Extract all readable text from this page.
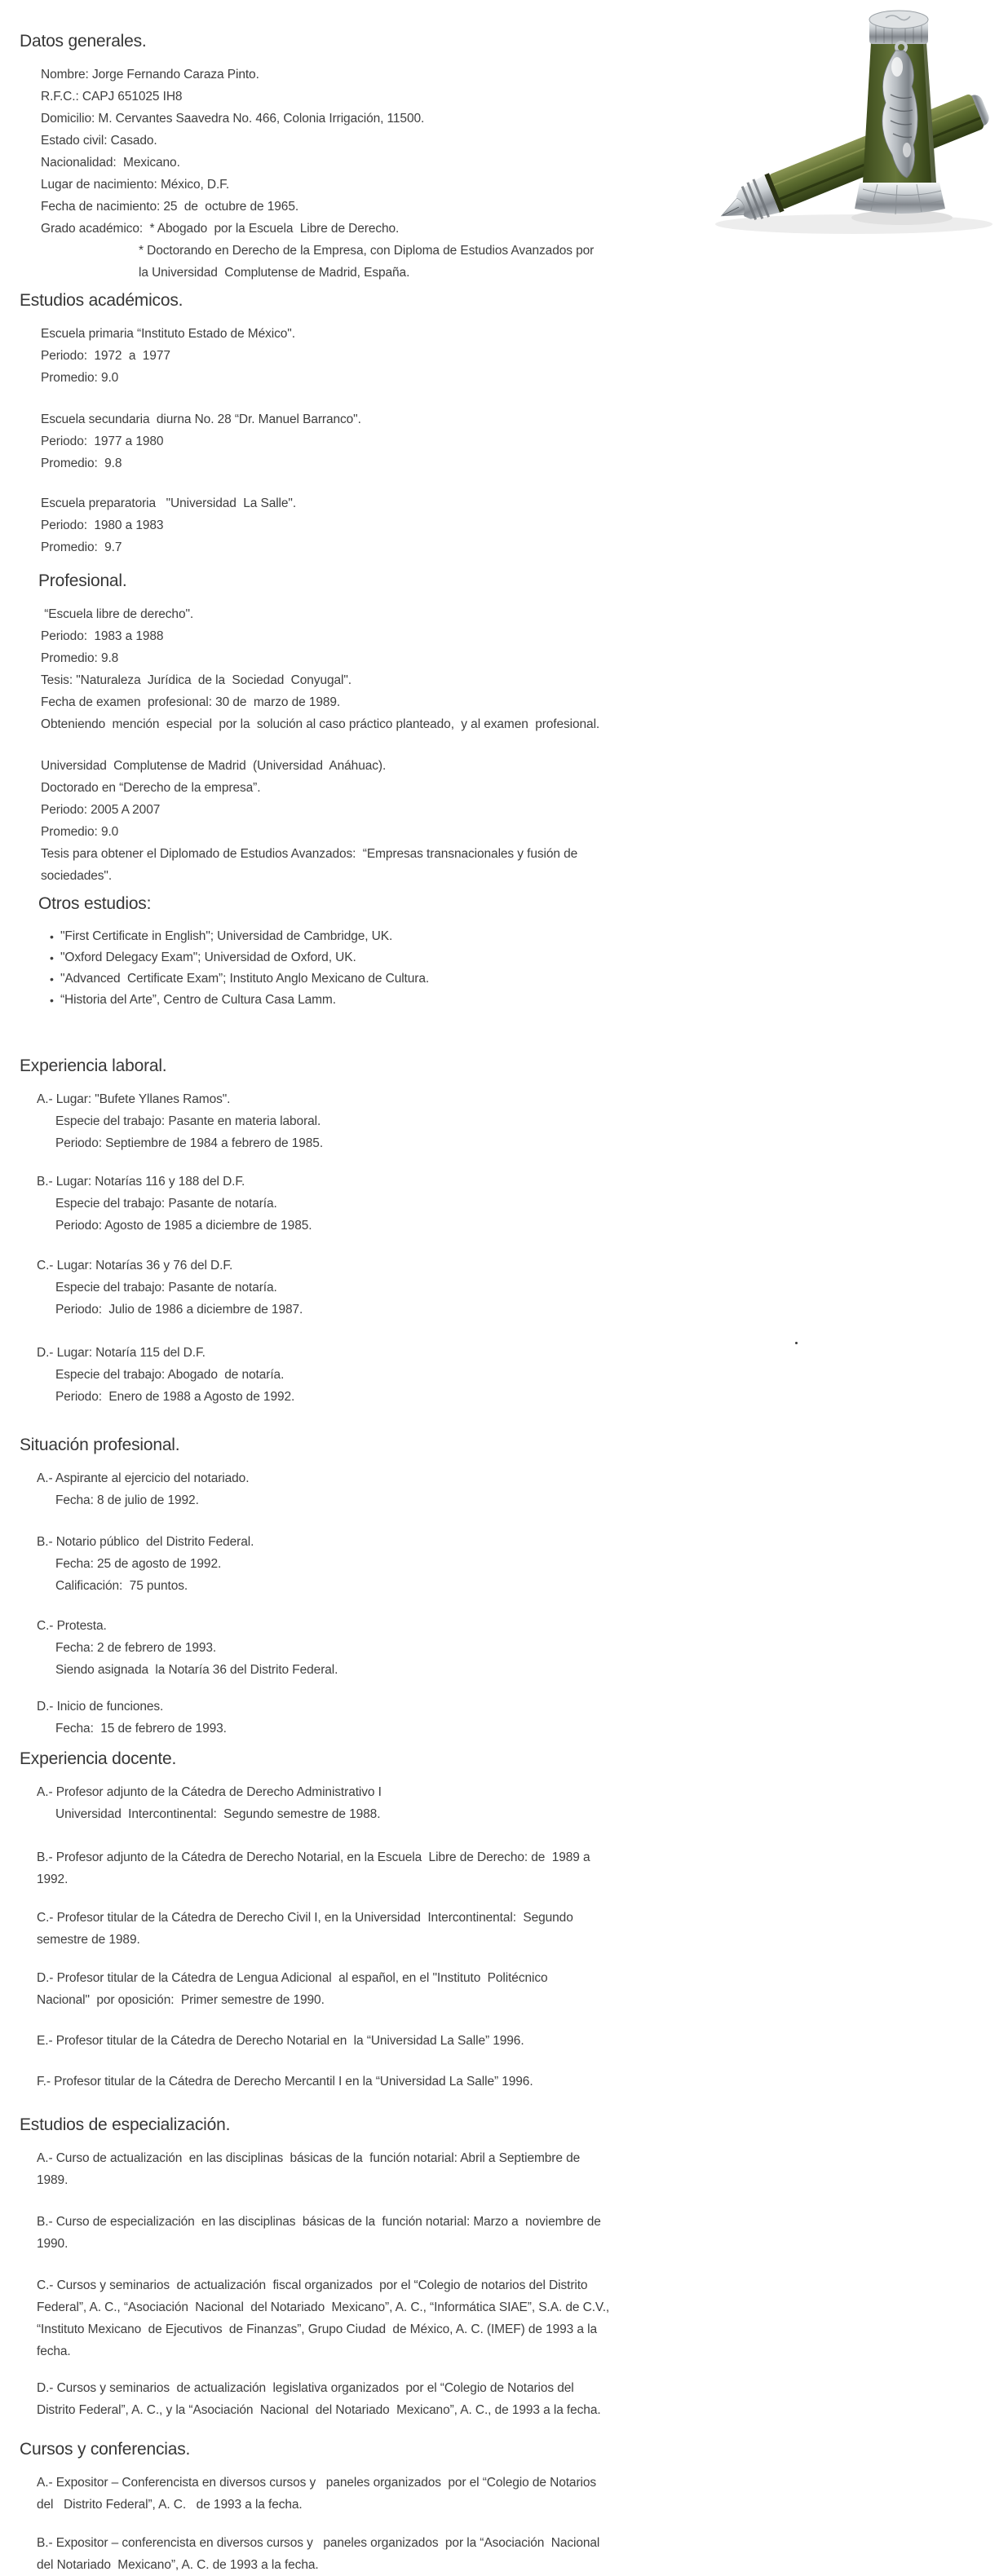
Datos generales.
Nombre: Jorge Fernando Caraza Pinto.
R.F.C.: CAPJ 651025 IH8
Domicilio: M. Cervantes Saavedra No. 466, Colonia Irrigación, 11500.
Estado civil: Casado.
Nacionalidad:  Mexicano.
Lugar de nacimiento: México, D.F.
Fecha de nacimiento: 25  de  octubre de 1965.
Grado académico:  * Abogado  por la Escuela  Libre de Derecho.
* Doctorando en Derecho de la Empresa, con Diploma de Estudios Avanzados por
la Universidad  Complutense de Madrid, España.
Estudios académicos.
Escuela primaria “Instituto Estado de México".
Periodo:  1972  a  1977
Promedio: 9.0
Escuela secundaria  diurna No. 28 “Dr. Manuel Barranco".
Periodo:  1977 a 1980
Promedio:  9.8
Escuela preparatoria   "Universidad  La Salle".
Periodo:  1980 a 1983
Promedio:  9.7
Profesional.
“Escuela libre de derecho".
Periodo:  1983 a 1988
Promedio: 9.8
Tesis: "Naturaleza  Jurídica  de la  Sociedad  Conyugal".
Fecha de examen  profesional: 30 de  marzo de 1989.
Obteniendo  mención  especial  por la  solución al caso práctico planteado,  y al examen  profesional.
Universidad  Complutense de Madrid  (Universidad  Anáhuac).
Doctorado en “Derecho de la empresa”.
Periodo: 2005 A 2007
Promedio: 9.0
Tesis para obtener el Diplomado de Estudios Avanzados:  “Empresas transnacionales y fusión de
sociedades".
Otros estudios:
• "First Certificate in English"; Universidad de Cambridge, UK.
• "Oxford Delegacy Exam"; Universidad de Oxford, UK.
• "Advanced  Certificate Exam”; Instituto Anglo Mexicano de Cultura.
• “Historia del Arte”, Centro de Cultura Casa Lamm.
Experiencia laboral.
A.- Lugar: "Bufete Yllanes Ramos".
Especie del trabajo: Pasante en materia laboral.
Periodo: Septiembre de 1984 a febrero de 1985.
B.- Lugar: Notarías 116 y 188 del D.F.
Especie del trabajo: Pasante de notaría.
Periodo: Agosto de 1985 a diciembre de 1985.
C.- Lugar: Notarías 36 y 76 del D.F.
Especie del trabajo: Pasante de notaría.
Periodo:  Julio de 1986 a diciembre de 1987.
D.- Lugar: Notaría 115 del D.F.
Especie del trabajo: Abogado  de notaría.
Periodo:  Enero de 1988 a Agosto de 1992.
Situación profesional.
A.- Aspirante al ejercicio del notariado.
Fecha: 8 de julio de 1992.
B.- Notario público  del Distrito Federal.
Fecha: 25 de agosto de 1992.
Calificación:  75 puntos.
C.- Protesta.
Fecha: 2 de febrero de 1993.
Siendo asignada  la Notaría 36 del Distrito Federal.
D.- Inicio de funciones.
Fecha:  15 de febrero de 1993.
Experiencia docente.
A.- Profesor adjunto de la Cátedra de Derecho Administrativo I
Universidad  Intercontinental:  Segundo semestre de 1988.
B.- Profesor adjunto de la Cátedra de Derecho Notarial, en la Escuela  Libre de Derecho: de  1989 a
1992.
C.- Profesor titular de la Cátedra de Derecho Civil I, en la Universidad  Intercontinental:  Segundo
semestre de 1989.
D.- Profesor titular de la Cátedra de Lengua Adicional  al español, en el "Instituto  Politécnico
Nacional"  por oposición:  Primer semestre de 1990.
E.- Profesor titular de la Cátedra de Derecho Notarial en  la “Universidad La Salle” 1996.
F.- Profesor titular de la Cátedra de Derecho Mercantil I en la “Universidad La Salle” 1996.
Estudios de especialización.
A.- Curso de actualización  en las disciplinas  básicas de la  función notarial: Abril a Septiembre de
1989.
B.- Curso de especialización  en las disciplinas  básicas de la  función notarial: Marzo a  noviembre de
1990.
C.- Cursos y seminarios  de actualización  fiscal organizados  por el “Colegio de notarios del Distrito
Federal”, A. C., “Asociación  Nacional  del Notariado  Mexicano”, A. C., “Informática SIAE”, S.A. de C.V.,
“Instituto Mexicano  de Ejecutivos  de Finanzas”, Grupo Ciudad  de México, A. C. (IMEF) de 1993 a la
fecha.
D.- Cursos y seminarios  de actualización  legislativa organizados  por el “Colegio de Notarios del
Distrito Federal”, A. C., y la “Asociación  Nacional  del Notariado  Mexicano”, A. C., de 1993 a la fecha.
Cursos y conferencias.
A.- Expositor – Conferencista en diversos cursos y   paneles organizados  por el “Colegio de Notarios
del   Distrito Federal”, A. C.   de 1993 a la fecha.
B.- Expositor – conferencista en diversos cursos y   paneles organizados  por la “Asociación  Nacional
del Notariado  Mexicano”, A. C. de 1993 a la fecha.
